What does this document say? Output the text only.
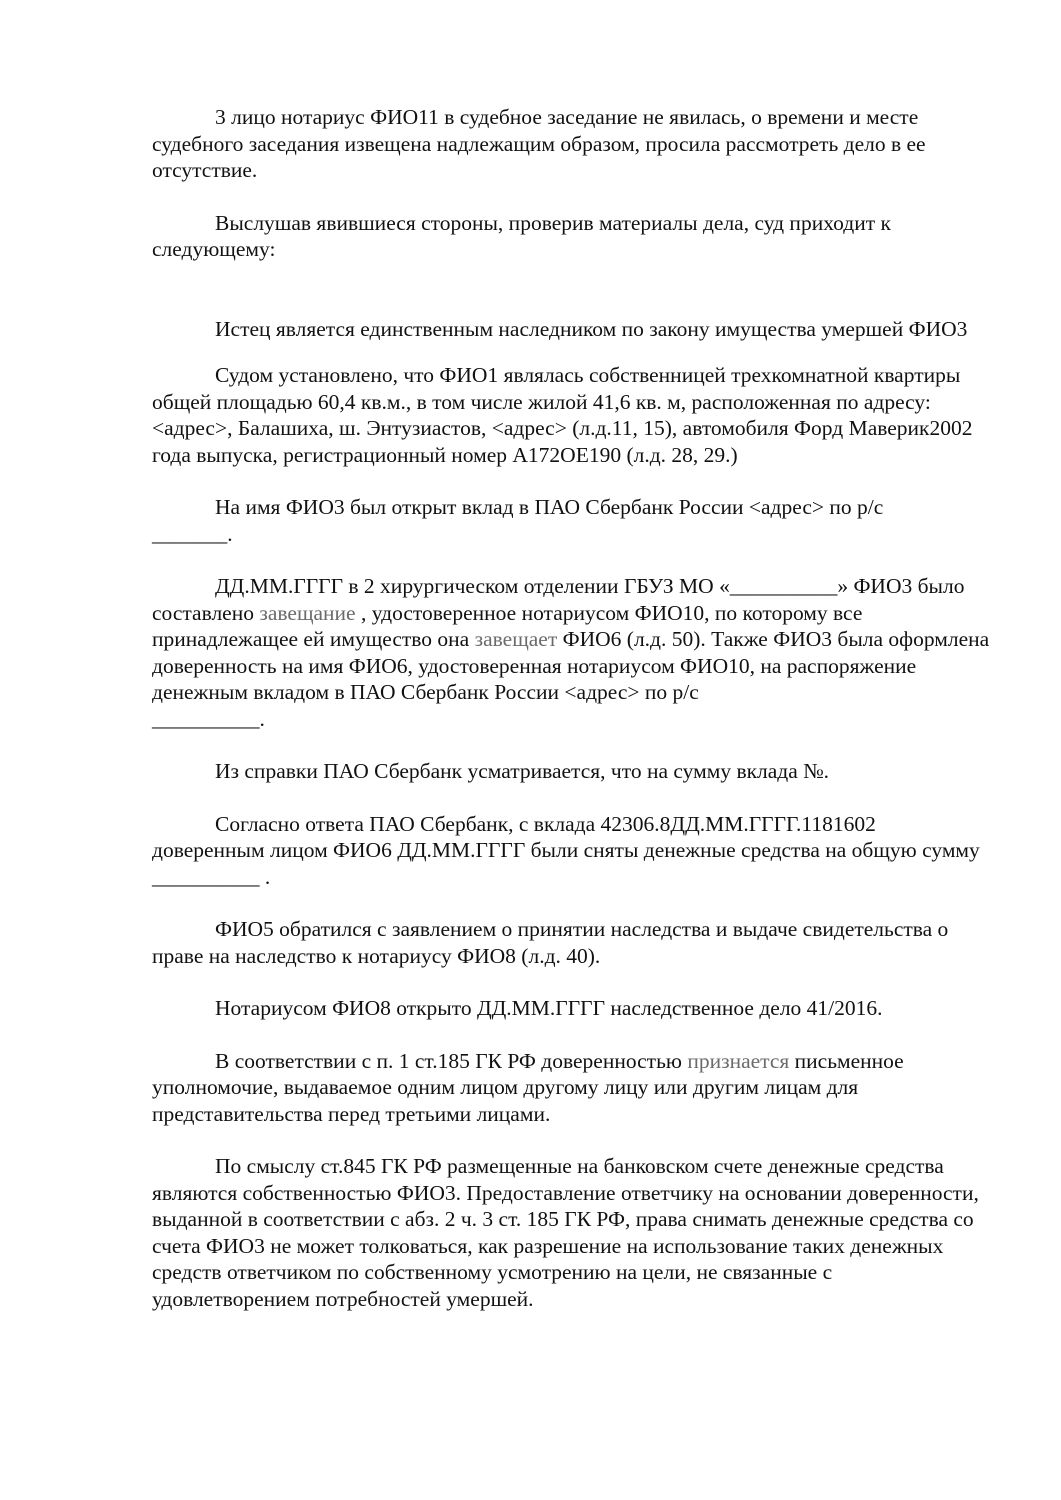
3 лицо нотариус ФИО11 в судебное заседание не явилась, о времени и месте судебного заседания извещена надлежащим образом, просила рассмотреть дело в ее отсутствие.

Выслушав явившиеся стороны, проверив материалы дела, суд приходит к следующему:

Истец является единственным наследником по закону имущества умершей ФИО3

Судом установлено, что ФИО1 являлась собственницей трехкомнатной квартиры общей площадью 60,4 кв.м., в том числе жилой 41,6 кв. м, расположенная по адресу: <адрес>, Балашиха, ш. Энтузиастов, <адрес> (л.д.11, 15), автомобиля Форд Маверик2002 года выпуска, регистрационный номер А172ОЕ190 (л.д. 28, 29.)

На имя ФИО3 был открыт вклад в ПАО Сбербанк России <адрес> по р/с
_______.

ДД.ММ.ГГГГ в 2 хирургическом отделении ГБУЗ МО «__________» ФИО3 было составлено завещание , удостоверенное нотариусом ФИО10, по которому все принадлежащее ей имущество она завещает ФИО6 (л.д. 50). Также ФИО3 была оформлена доверенность на имя ФИО6, удостоверенная нотариусом ФИО10, на распоряжение денежным вкладом в ПАО Сбербанк России <адрес> по р/с
__________.

Из справки ПАО Сбербанк усматривается, что на сумму вклада №.

Согласно ответа ПАО Сбербанк, с вклада 42306.8ДД.ММ.ГГГГ.1181602 доверенным лицом ФИО6 ДД.ММ.ГГГГ были сняты денежные средства на общую сумму __________ .

ФИО5 обратился с заявлением о принятии наследства и выдаче свидетельства о праве на наследство к нотариусу ФИО8 (л.д. 40).

Нотариусом ФИО8 открыто ДД.ММ.ГГГГ наследственное дело 41/2016.

В соответствии с п. 1 ст.185 ГК РФ доверенностью признается письменное уполномочие, выдаваемое одним лицом другому лицу или другим лицам для представительства перед третьими лицами.

По смыслу ст.845 ГК РФ размещенные на банковском счете денежные средства являются собственностью ФИО3. Предоставление ответчику на основании доверенности, выданной в соответствии с абз. 2 ч. 3 ст. 185 ГК РФ, права снимать денежные средства со счета ФИО3 не может толковаться, как разрешение на использование таких денежных средств ответчиком по собственному усмотрению на цели, не связанные с удовлетворением потребностей умершей.
